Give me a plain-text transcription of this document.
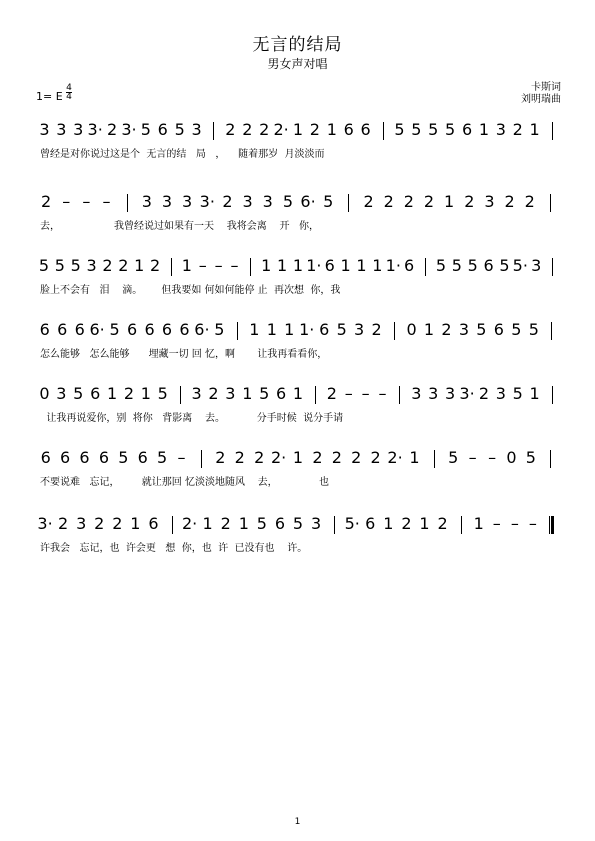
无言的结局
男女声对唱
卡斯词
刘明瑞曲
1= E
4
4
3 3 3 3· 2 3· 5 6 5 3 2 2 2 2· 1 2 1 6 6 5 5 5 5 6 1 3 2 1
曾经是对你说过这是个  无言的结   局   ，    随着那岁  月淡淡而
2 – – – 3 3 3 3· 2 3 3 5 6· 5 2 2 2 2 1 2 3 2 2
去，                 我曾经说过如果有一天    我将会离    开   你，
5 5 5 3 2 2 1 2 1 – – – 1 1 1 1· 6 1 1 1 1· 6 5 5 5 6 5 5· 3
脸上不会有   泪    滴。      但我要如 何如何能停 止  再次想  你，我
6 6 6 6· 5 6 6 6 6 6· 5 1 1 1 1· 6 5 3 2 0 1 2 3 5 6 5 5
怎么能够   怎么能够      埋藏一切 回 忆，啊       让我再看看你，
0 3 5 6 1 2 1 5 3 2 3 1 5 6 1 2 – – – 3 3 3 3· 2 3 5 1
让我再说爱你，别  将你   背影离    去。          分手时候  说分手请
6 6 6 6 5 6 5 – 2 2 2 2· 1 2 2 2 2 2· 1 5 – – 0 5
不要说难   忘记，       就让那回 忆淡淡地随风    去，             也
3· 2 3 2 2 1 6 2· 1 2 1 5 6 5 3 5· 6 1 2 1 2 1 – – –
许我会   忘记，也  许会更   想  你，也  许  已没有也    许。
1
